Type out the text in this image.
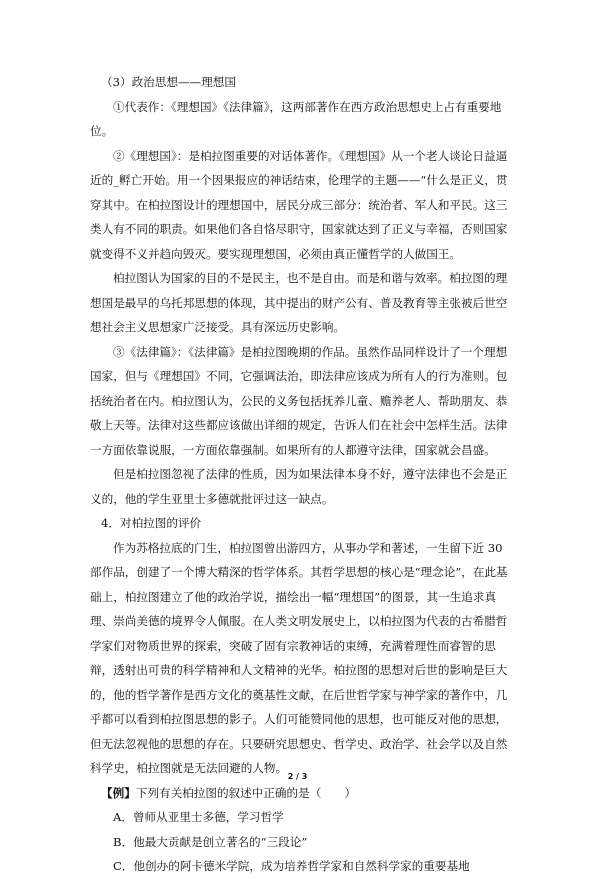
（3）政治思想——理想国

①代表作：《理想国》《法律篇》，这两部著作在西方政治思想史上占有重要地位。

②《理想国》：是柏拉图重要的对话体著作。《理想国》从一个老人谈论日益逼近的_孵亡开始。用一个因果报应的神话结束，伦理学的主题——“什么是正义，贯穿其中。在柏拉图设计的理想国中，居民分成三部分：统治者、军人和平民。这三类人有不同的职责。如果他们各自恪尽职守，国家就达到了正义与幸福，否则国家就变得不义并趋向毁灭。要实现理想国，必须由真正懂哲学的人做国王。

柏拉图认为国家的目的不是民主，也不是自由。而是和谐与效率。柏拉图的理想国是最早的乌托邦思想的体现，其中提出的财产公有、普及教育等主张被后世空想社会主义思想家广泛接受。具有深远历史影响。

③《法律篇》：《法律篇》是柏拉图晚期的作品。虽然作品同样设计了一个理想国家，但与《理想国》不同，它强调法治，即法律应该成为所有人的行为准则。包括统治者在内。柏拉图认为，公民的义务包括抚养儿童、赡养老人、帮助朋友、恭敬上天等。法律对这些都应该做出详细的规定，告诉人们在社会中怎样生活。法律一方面依靠说服，一方面依靠强制。如果所有的人都遵守法律，国家就会昌盛。

但是柏拉图忽视了法律的性质，因为如果法律本身不好，遵守法律也不会是正义的，他的学生亚里士多德就批评过这一缺点。

4．对柏拉图的评价

作为苏格拉底的门生，柏拉图曾出游四方，从事办学和著述，一生留下近 30 部作品，创建了一个博大精深的哲学体系。其哲学思想的核心是“理念论”，在此基础上，柏拉图建立了他的政治学说，描绘出一幅“理想国”的图景，其一生追求真理、崇尚美德的境界令人佩服。在人类文明发展史上，以柏拉图为代表的古希腊哲学家们对物质世界的探索，突破了固有宗教神话的束缚，充满着理性而睿智的思辩，透射出可贵的科学精神和人文精神的光华。柏拉图的思想对后世的影响是巨大的，他的哲学著作是西方文化的奠基性文献，在后世哲学家与神学家的著作中，几乎都可以看到柏拉图思想的影子。人们可能赞同他的思想，也可能反对他的思想，但无法忽视他的思想的存在。只要研究思想史、哲学史、政治学、社会学以及自然科学史，柏拉图就是无法回避的人物。

【例】下列有关柏拉图的叙述中正确的是（　　）

A．曾师从亚里士多德，学习哲学

B．他最大贡献是创立著名的“三段论”

C．他创办的阿卡德米学院，成为培养哲学家和自然科学家的重要基地

2 / 3
